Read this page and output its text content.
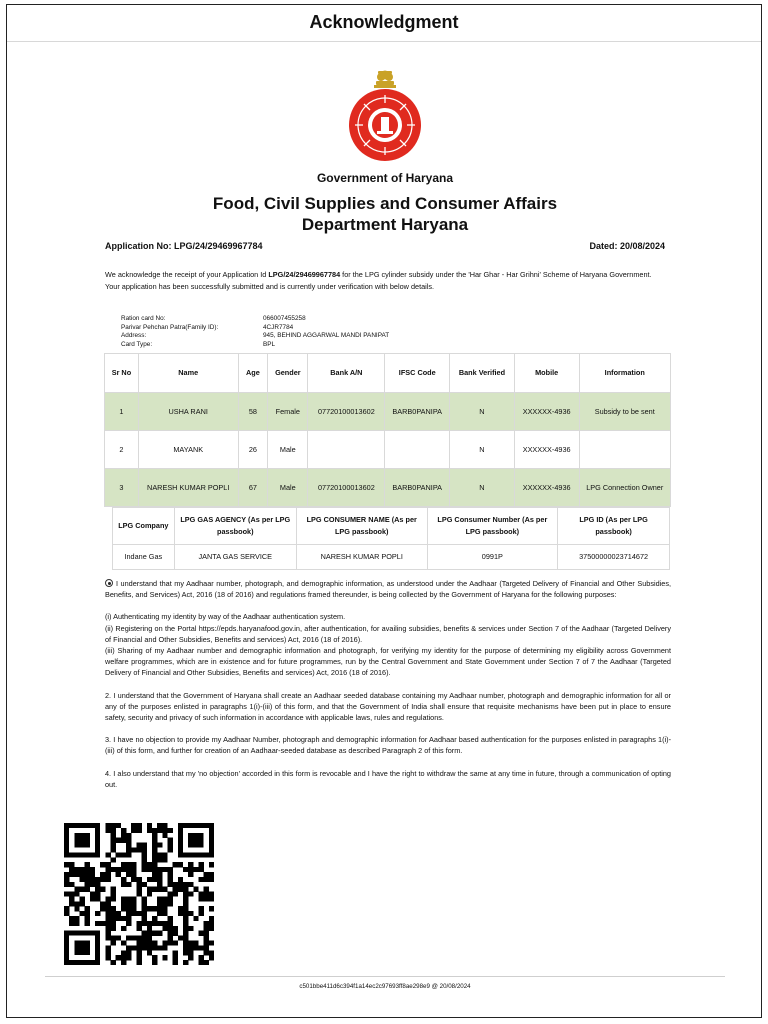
Acknowledgment
Government of Haryana
Food, Civil Supplies and Consumer Affairs
Department Haryana
Application No: LPG/24/29469967784	Dated: 20/08/2024
We acknowledge the receipt of your Application Id LPG/24/29469967784 for the LPG cylinder subsidy under the 'Har Ghar - Har Grihni' Scheme of Haryana Government. Your application has been successfully submitted and is currently under verification with below details.
Ration card No:	066007455258
Parivar Pehchan Patra(Family ID):	4CJR7784
Address:	945, BEHIND AGGARWAL MANDI PANIPAT
Card Type:	BPL
Sr No	Name	Age	Gender	Bank A/N	IFSC Code	Bank Verified	Mobile	Information
1	USHA RANI	58	Female	07720100013602	BARB0PANIPA	N	XXXXXX-4936	Subsidy to be sent
2	MAYANK	26	Male			N	XXXXXX-4936	
3	NARESH KUMAR POPLI	67	Male	07720100013602	BARB0PANIPA	N	XXXXXX-4936	LPG Connection Owner
LPG Company	LPG GAS AGENCY (As per LPG passbook)	LPG CONSUMER NAME (As per LPG passbook)	LPG Consumer Number (As per LPG passbook)	LPG ID (As per LPG passbook)
Indane Gas	JANTA GAS SERVICE	NARESH KUMAR POPLI	0991P	37500000023714672

I understand that my Aadhaar number, photograph, and demographic information, as understood under the Aadhaar (Targeted Delivery of Financial and Other Subsidies, Benefits, and Services) Act, 2016 (18 of 2016) and regulations framed thereunder, is being collected by the Government of Haryana for the following purposes:

(i) Authenticating my identity by way of the Aadhaar authentication system.
(ii) Registering on the Portal https://epds.haryanafood.gov.in, after authentication, for availing subsidies, benefits & services under Section 7 of the Aadhaar (Targeted Delivery of Financial and Other Subsidies, Benefits and services) Act, 2016 (18 of 2016).
(iii) Sharing of my Aadhaar number and demographic information and photograph, for verifying my identity for the purpose of determining my eligibility across Government welfare programmes, which are in existence and for future programmes, run by the Central Government and State Government under Section 7 of 7 the Aadhaar (Targeted Delivery of Financial and Other Subsidies, Benefits and services) Act, 2016 (18 of 2016).

2. I understand that the Government of Haryana shall create an Aadhaar seeded database containing my Aadhaar number, photograph and demographic information for all or any of the purposes enlisted in paragraphs 1(i)-(iii) of this form, and that the Government of India shall ensure that requisite mechanisms have been put in place to ensure safety, security and privacy of such information in accordance with applicable laws, rules and regulations.

3. I have no objection to provide my Aadhaar Number, photograph and demographic information for Aadhaar based authentication for the purposes enlisted in paragraphs 1(i)-(iii) of this form, and further for creation of an Aadhaar-seeded database as described Paragraph 2 of this form.

4. I also understand that my 'no objection' accorded in this form is revocable and I have the right to withdraw the same at any time in future, through a communication of opting out.

c501bbe411d6c394f1a14ec2c97693ff8ae298e9 @ 20/08/2024
